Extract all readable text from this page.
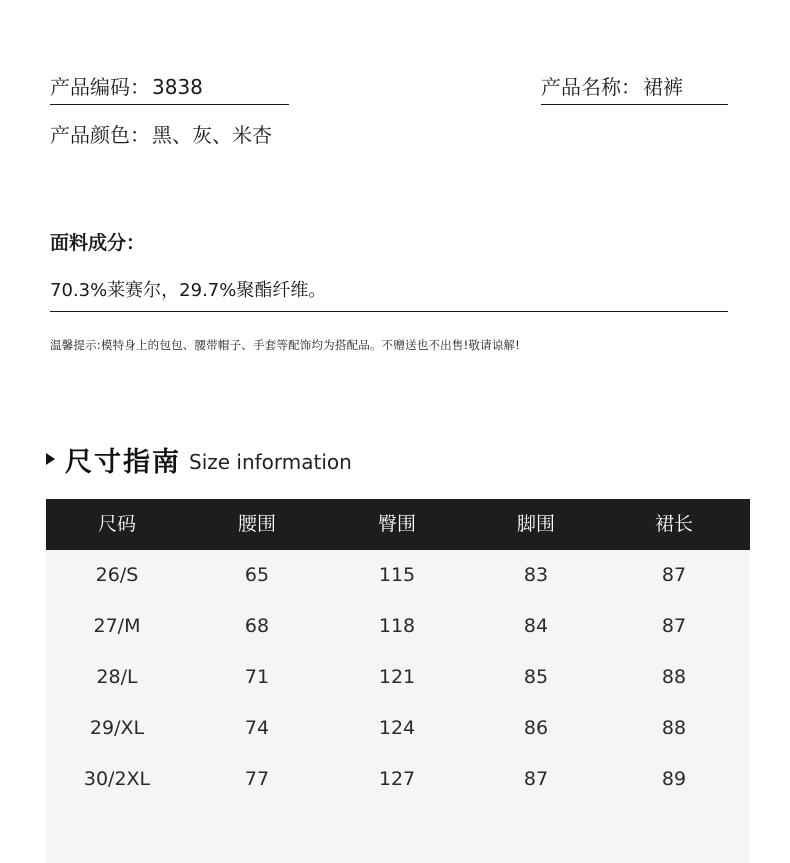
产品编码： 3838	产品名称： 裙裤
产品颜色： 黑、灰、米杏
面料成分：
70.3%莱赛尔，29.7%聚酯纤维。
温馨提示:模特身上的包包、腰带帽子、手套等配饰均为搭配品。不赠送也不出售!敬请谅解!
尺寸指南 Size information
尺码	腰围	臀围	脚围	裙长
26/S	65	115	83	87
27/M	68	118	84	87
28/L	71	121	85	88
29/XL	74	124	86	88
30/2XL	77	127	87	89
